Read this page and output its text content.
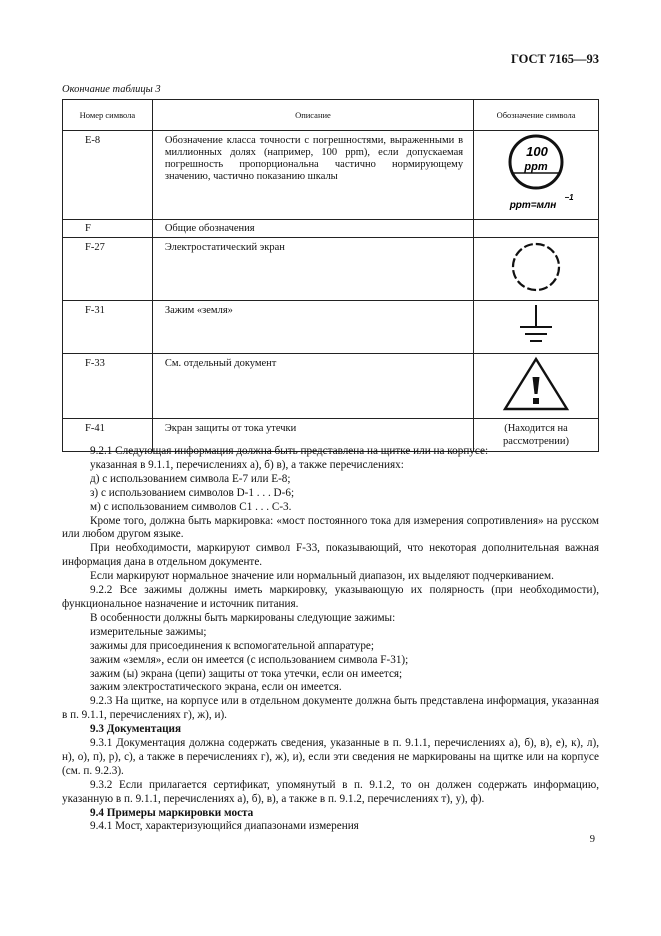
ГОСТ 7165—93
Окончание таблицы 3
Номер символа	Описание	Обозначение символа
E-8	Обозначение класса точности с погрешностями, выраженными в миллионных долях (например, 100 ppm), если допускаемая погрешность пропорциональна частично нормирующему значению, частично показанию шкалы	100
ppm
ppm=млн
−1

F	Общие обозначения	
F-27	Электростатический экран	
F-31	Зажим «земля»	
F-33	См. отдельный документ	
F-41	Экран защиты от тока утечки	(Находится на рассмотрении)

9.2.1 Следующая информация должна быть представлена на щитке или на корпусе:

указанная в 9.1.1, перечислениях а), б) в), а также перечислениях:

д) с использованием символа Е-7 или Е-8;

з) с использованием символов D-1 . . . D-6;

м) с использованием символов С1 . . . С-3.

Кроме того, должна быть маркировка: «мост постоянного тока для измерения сопротивления» на русском или любом другом языке.

При необходимости, маркируют символ F-33, показывающий, что некоторая дополнительная важная информация дана в отдельном документе.

Если маркируют нормальное значение или нормальный диапазон, их выделяют подчеркиванием.

9.2.2 Все зажимы должны иметь маркировку, указывающую их полярность (при необходимости), функциональное назначение и источник питания.

В особенности должны быть маркированы следующие зажимы:

измерительные зажимы;

зажимы для присоединения к вспомогательной аппаратуре;

зажим «земля», если он имеется (с использованием символа F-31);

зажим (ы) экрана (цепи) защиты от тока утечки, если он имеется;

зажим электростатического экрана, если он имеется.

9.2.3 На щитке, на корпусе или в отдельном документе должна быть представлена информация, указанная в п. 9.1.1, перечислениях г), ж), и).

9.3 Документация

9.3.1 Документация должна содержать сведения, указанные в п. 9.1.1, перечислениях а), б), в), е), к), л), н), о), п), р), с), а также в перечислениях г), ж), и), если эти сведения не маркированы на щитке или на корпусе (см. п. 9.2.3).

9.3.2 Если прилагается сертификат, упомянутый в п. 9.1.2, то он должен содержать информацию, указанную в п. 9.1.1, перечислениях а), б), в), а также в п. 9.1.2, перечислениях т), у), ф).

9.4 Примеры маркировки моста

9.4.1 Мост, характеризующийся диапазонами измерения

9
